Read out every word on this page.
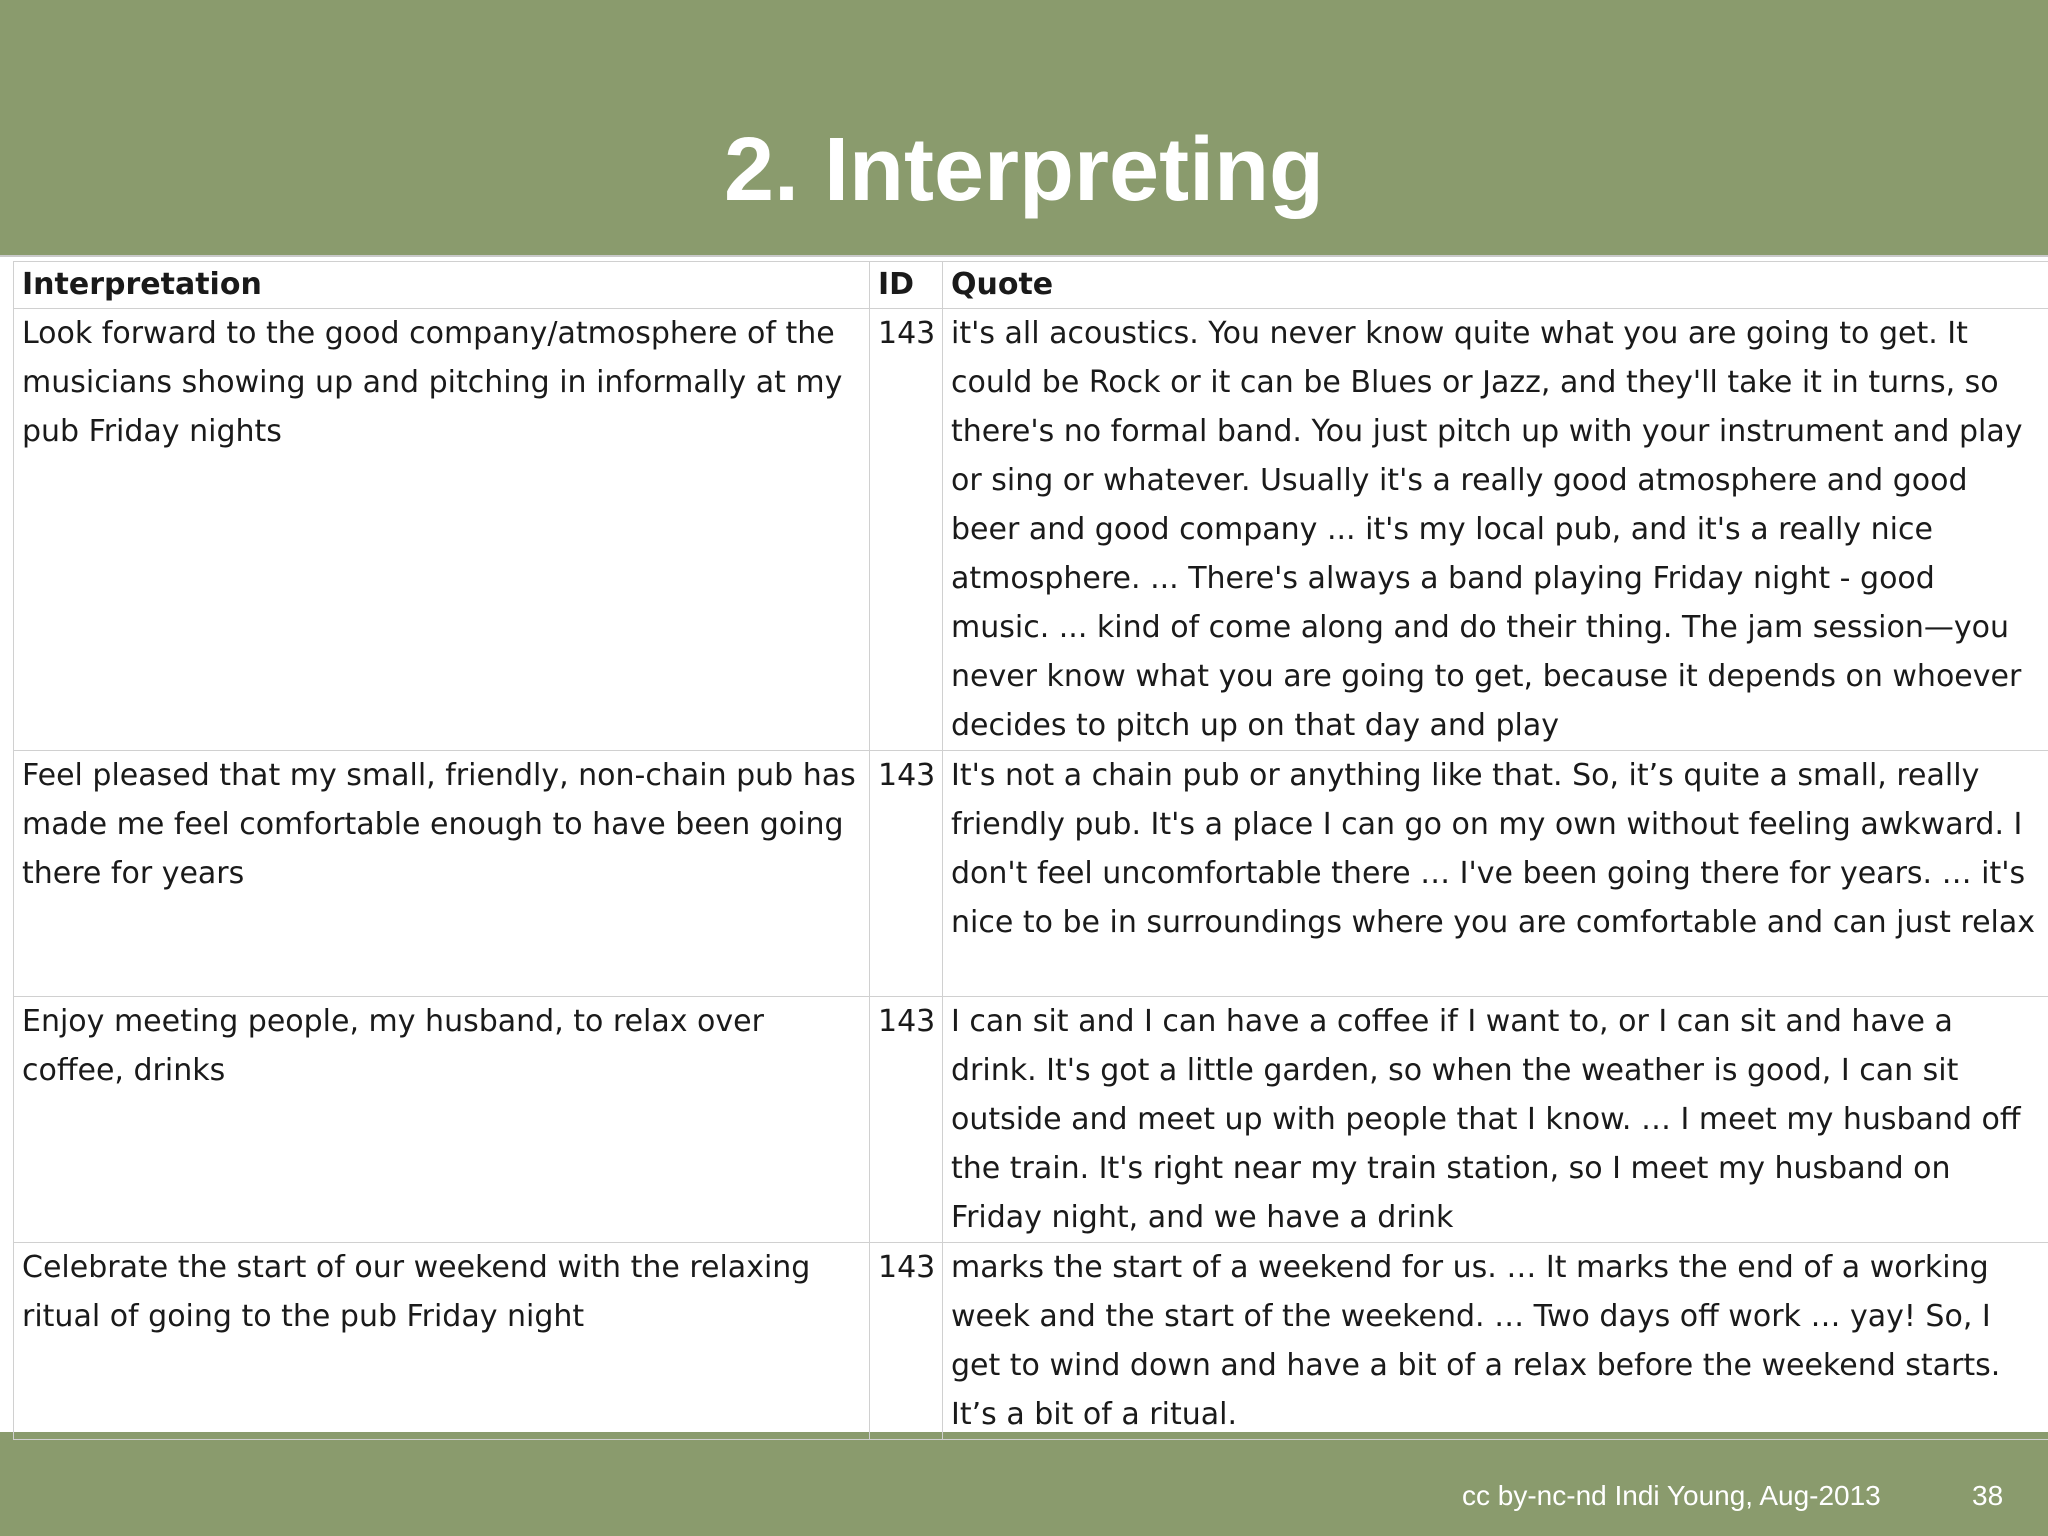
2. Interpreting
Interpretation	ID	Quote
Look forward to the good company/atmosphere of the musicians showing up and pitching in informally at my pub Friday nights	143	it's all acoustics. You never know quite what you are going to get. It could be Rock or it can be Blues or Jazz, and they'll take it in turns, so there's no formal band. You just pitch up with your instrument and play or sing or whatever. Usually it's a really good atmosphere and good beer and good company ... it's my local pub, and it's a really nice atmosphere. ... There's always a band playing Friday night - good music. ... kind of come along and do their thing. The jam session—you never know what you are going to get, because it depends on whoever decides to pitch up on that day and play
Feel pleased that my small, friendly, non-chain pub has made me feel comfortable enough to have been going there for years	143	It's not a chain pub or anything like that. So, it’s quite a small, really friendly pub. It's a place I can go on my own without feeling awkward. I don't feel uncomfortable there … I've been going there for years. … it's nice to be in surroundings where you are comfortable and can just relax
Enjoy meeting people, my husband, to relax over coffee, drinks	143	I can sit and I can have a coffee if I want to, or I can sit and have a drink. It's got a little garden, so when the weather is good, I can sit outside and meet up with people that I know. … I meet my husband off the train. It's right near my train station, so I meet my husband on Friday night, and we have a drink
Celebrate the start of our weekend with the relaxing ritual of going to the pub Friday night	143	marks the start of a weekend for us. … It marks the end of a working week and the start of the weekend. … Two days off work … yay! So, I get to wind down and have a bit of a relax before the weekend starts. It’s a bit of a ritual.
cc by-nc-nd Indi Young, Aug-2013	38
